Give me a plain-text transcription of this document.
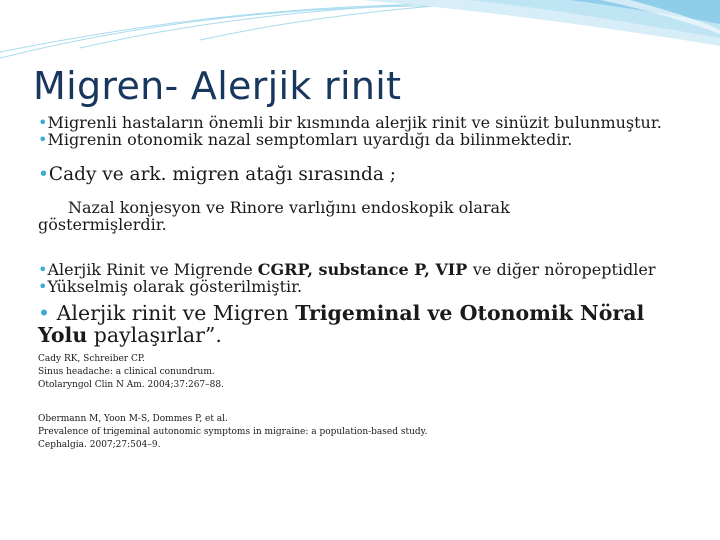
Migren- Alerjik rinit

•Migrenli hastaların önemli bir kısmında alerjik rinit ve sinüzit bulunmuştur.

•Migrenin otonomik nazal semptomları uyardığı da bilinmektedir.

•Cady ve ark. migren atağı sırasında ;

Nazal konjesyon ve Rinore varlığını endoskopik olarak
göstermişlerdir.

•Alerjik Rinit ve Migrende CGRP, substance P, VIP ve diğer nöropeptidler

•Yükselmiş olarak gösterilmiştir.

• Alerjik rinit ve Migren Trigeminal ve Otonomik Nöral Yolu paylaşırlar”.

Cady RK, Schreiber CP.

Sinus headache: a clinical conundrum.

Otolaryngol Clin N Am. 2004;37:267–88.

Obermann M, Yoon M-S, Dommes P, et al.

Prevalence of trigeminal autonomic symptoms in migraine: a population-based study.

Cephalgia. 2007;27:504–9.
